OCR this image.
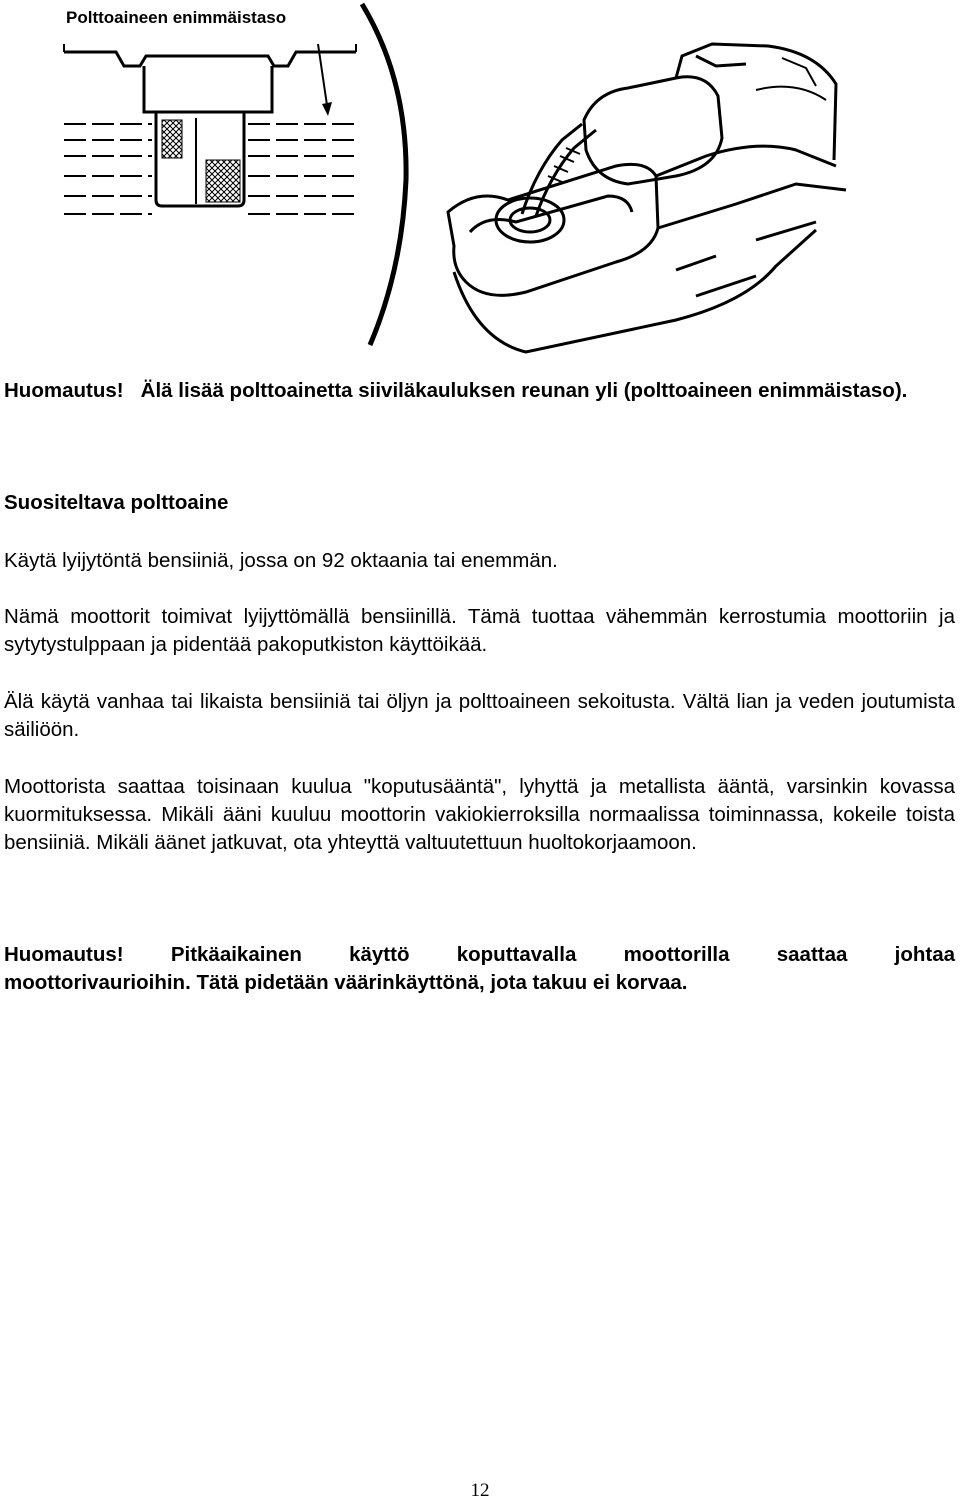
Polttoaineen enimmäistaso
Huomautus! Älä lisää polttoainetta siiviläkauluksen reunan yli (polttoaineen enimmäistaso).
Suositeltava polttoaine
Käytä lyijytöntä bensiiniä, jossa on 92 oktaania tai enemmän.
Nämä moottorit toimivat lyijyttömällä bensiinillä. Tämä tuottaa vähemmän kerrostumia moottoriin ja sytytystulppaan ja pidentää pakoputkiston käyttöikää.
Älä käytä vanhaa tai likaista bensiiniä tai öljyn ja polttoaineen sekoitusta. Vältä lian ja veden joutumista säiliöön.
Moottorista saattaa toisinaan kuulua "koputusääntä", lyhyttä ja metallista ääntä, varsinkin kovassa kuormituksessa. Mikäli ääni kuuluu moottorin vakiokierroksilla normaalissa toiminnassa, kokeile toista bensiiniä. Mikäli äänet jatkuvat, ota yhteyttä valtuutettuun huoltokorjaamoon.
Huomautus! Pitkäaikainen käyttö koputtavalla moottorilla saattaa johtaa
moottorivaurioihin. Tätä pidetään väärinkäyttönä, jota takuu ei korvaa.
12
